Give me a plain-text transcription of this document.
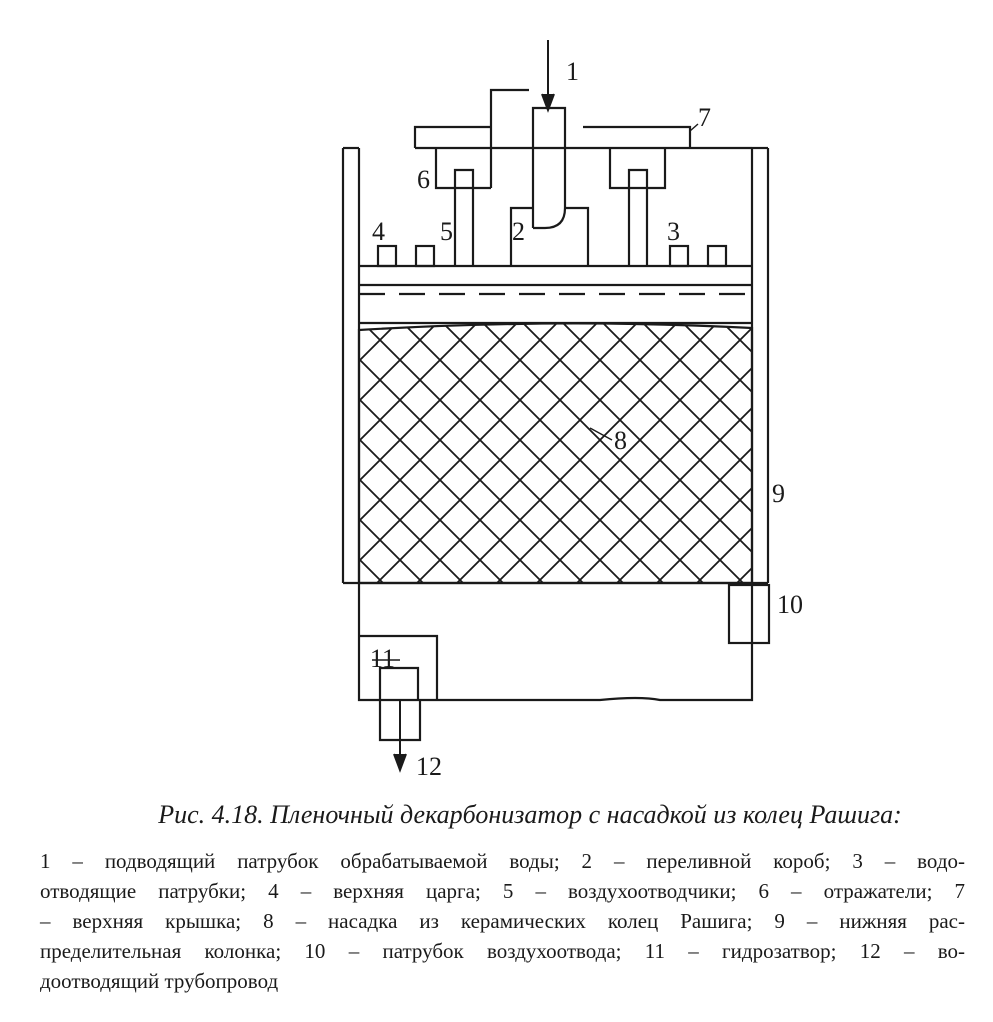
1
7
6
4 5 2	3
8
9
10
11
12
Рис. 4.18. Пленочный декарбонизатор с насадкой из колец Рашига:
1 – подводящий патрубок обрабатываемой воды; 2 – переливной короб; 3 – водо-
отводящие патрубки; 4 – верхняя царга; 5 – воздухоотводчики; 6 – отражатели; 7
– верхняя крышка; 8 – насадка из керамических колец Рашига; 9 – нижняя рас-
пределительная колонка; 10 – патрубок воздухоотвода; 11 – гидрозатвор; 12 – во-
доотводящий трубопровод
